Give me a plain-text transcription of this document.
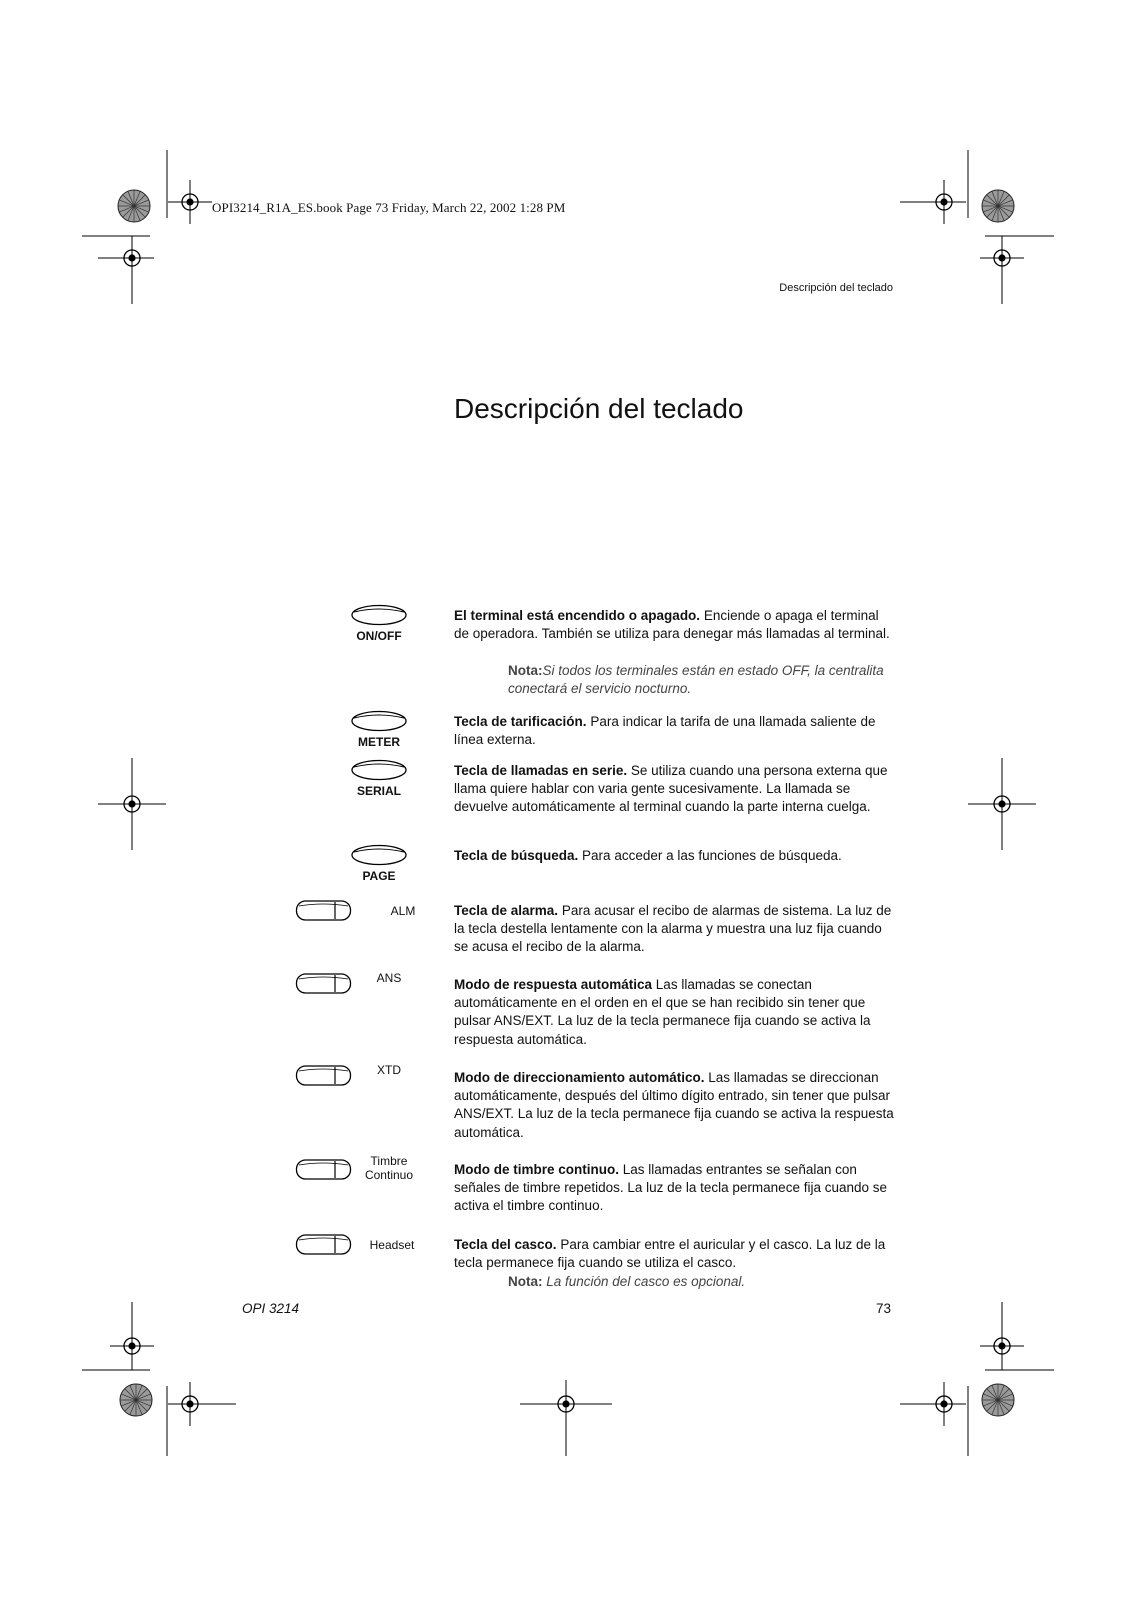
OPI3214_R1A_ES.book Page 73 Friday, March 22, 2002 1:28 PM
Descripción del teclado
Descripción del teclado
ON/OFF
METER
SERIAL
PAGE
ALM
ANS
XTD
Timbre
Continuo
Headset
El terminal está encendido o apagado. Enciende o apaga el terminal de operadora. También se utiliza para denegar más llamadas al terminal.
Nota:Si todos los terminales están en estado OFF, la centralita conectará el servicio nocturno.
Tecla de tarificación. Para indicar la tarifa de una llamada saliente de línea externa.
Tecla de llamadas en serie. Se utiliza cuando una persona externa que llama quiere hablar con varia gente sucesivamente. La llamada se devuelve automáticamente al terminal cuando la parte interna cuelga.
Tecla de búsqueda. Para acceder a las funciones de búsqueda.
Tecla de alarma. Para acusar el recibo de alarmas de sistema. La luz de la tecla destella lentamente con la alarma y muestra una luz fija cuando se acusa el recibo de la alarma.
Modo de respuesta automática Las llamadas se conectan automáticamente en el orden en el que se han recibido sin tener que pulsar ANS/EXT. La luz de la tecla permanece fija cuando se activa la respuesta automática.
Modo de direccionamiento automático. Las llamadas se direccionan automáticamente, después del último dígito entrado, sin tener que pulsar ANS/EXT. La luz de la tecla permanece fija cuando se activa la respuesta automática.
Modo de timbre continuo. Las llamadas entrantes se señalan con señales de timbre repetidos. La luz de la tecla permanece fija cuando se activa el timbre continuo.
Tecla del casco. Para cambiar entre el auricular y el casco. La luz de la tecla permanece fija cuando se utiliza el casco.
Nota: La función del casco es opcional.
OPI 3214	73
